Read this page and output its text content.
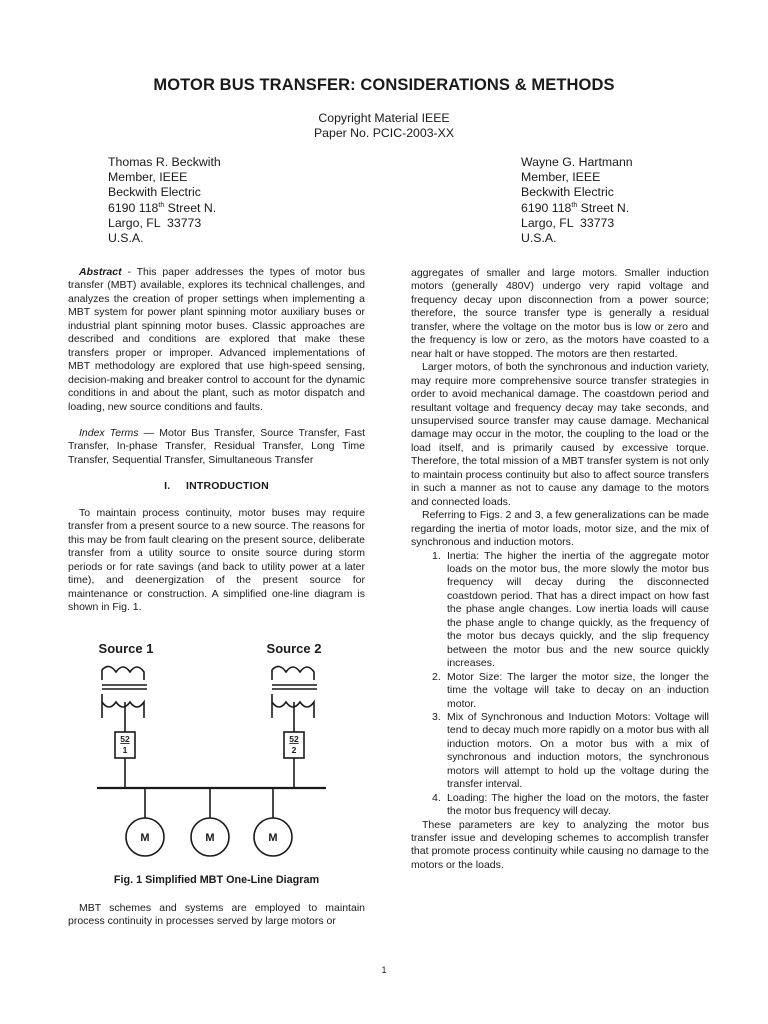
MOTOR BUS TRANSFER: CONSIDERATIONS & METHODS
Copyright Material IEEE
Paper No. PCIC-2003-XX
Thomas R. Beckwith
Member, IEEE
Beckwith Electric
6190 118th Street N.
Largo, FL  33773
U.S.A.
Wayne G. Hartmann
Member, IEEE
Beckwith Electric
6190 118th Street N.
Largo, FL  33773
U.S.A.

Abstract - This paper addresses the types of motor bus transfer (MBT) available, explores its technical challenges, and analyzes the creation of proper settings when implementing a MBT system for power plant spinning motor auxiliary buses or industrial plant spinning motor buses. Classic approaches are described and conditions are explored that make these transfers proper or improper. Advanced implementations of MBT methodology are explored that use high-speed sensing, decision-making and breaker control to account for the dynamic conditions in and about the plant, such as motor dispatch and loading, new source conditions and faults.

Index Terms — Motor Bus Transfer, Source Transfer, Fast Transfer, In-phase Transfer, Residual Transfer, Long Time Transfer, Sequential Transfer, Simultaneous Transfer

I. INTRODUCTION

To maintain process continuity, motor buses may require transfer from a present source to a new source. The reasons for this may be from fault clearing on the present source, deliberate transfer from a utility source to onsite source during storm periods or for rate savings (and back to utility power at a later time), and deenergization of the present source for maintenance or construction. A simplified one-line diagram is shown in Fig. 1.

Source 1	Source 2
52
1
52
2
M	M	M
Fig. 1 Simplified MBT One-Line Diagram

MBT schemes and systems are employed to maintain process continuity in processes served by large motors or

aggregates of smaller and large motors. Smaller induction motors (generally 480V) undergo very rapid voltage and frequency decay upon disconnection from a power source; therefore, the source transfer type is generally a residual transfer, where the voltage on the motor bus is low or zero and the frequency is low or zero, as the motors have coasted to a near halt or have stopped. The motors are then restarted.

Larger motors, of both the synchronous and induction variety, may require more comprehensive source transfer strategies in order to avoid mechanical damage. The coastdown period and resultant voltage and frequency decay may take seconds, and unsupervised source transfer may cause damage. Mechanical damage may occur in the motor, the coupling to the load or the load itself, and is primarily caused by excessive torque. Therefore, the total mission of a MBT transfer system is not only to maintain process continuity but also to affect source transfers in such a manner as not to cause any damage to the motors and connected loads.

Referring to Figs. 2 and 3, a few generalizations can be made regarding the inertia of motor loads, motor size, and the mix of synchronous and induction motors.

1. Inertia: The higher the inertia of the aggregate motor loads on the motor bus, the more slowly the motor bus frequency will decay during the disconnected coastdown period. That has a direct impact on how fast the phase angle changes. Low inertia loads will cause the phase angle to change quickly, as the frequency of the motor bus decays quickly, and the slip frequency between the motor bus and the new source quickly increases.
2. Motor Size: The larger the motor size, the longer the time the voltage will take to decay on an induction motor.
3. Mix of Synchronous and Induction Motors: Voltage will tend to decay much more rapidly on a motor bus with all induction motors. On a motor bus with a mix of synchronous and induction motors, the synchronous motors will attempt to hold up the voltage during the transfer interval.
4. Loading: The higher the load on the motors, the faster the motor bus frequency will decay.

These parameters are key to analyzing the motor bus transfer issue and developing schemes to accomplish transfer that promote process continuity while causing no damage to the motors or the loads.

1
